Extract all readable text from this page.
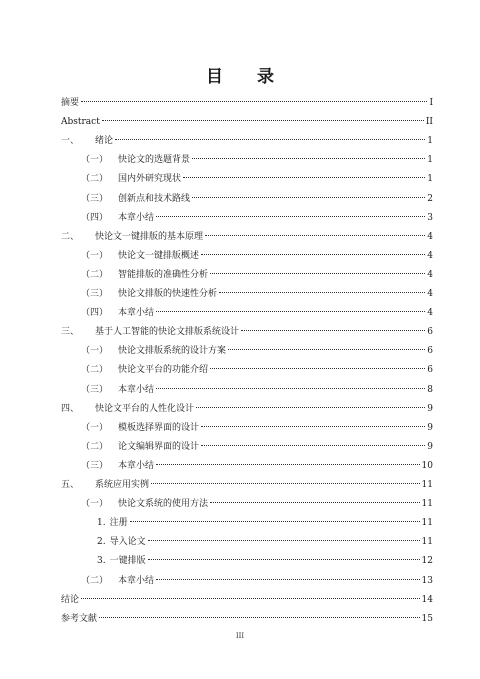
目 录
摘要	I
Abstract	II
一、 绪论	1
（一） 快论文的选题背景	1
（二） 国内外研究现状	1
（三） 创新点和技术路线	2
（四） 本章小结	3
二、 快论文一键排版的基本原理	4
（一） 快论文一键排版概述	4
（二） 智能排版的准确性分析	4
（三） 快论文排版的快速性分析	4
（四） 本章小结	4
三、 基于人工智能的快论文排版系统设计	6
（一） 快论文排版系统的设计方案	6
（二） 快论文平台的功能介绍	6
（三） 本章小结	8
四、 快论文平台的人性化设计	9
（一） 模板选择界面的设计	9
（二） 论文编辑界面的设计	9
（三） 本章小结	10
五、 系统应用实例	11
（一） 快论文系统的使用方法	11
1. 注册	11
2. 导入论文	11
3. 一键排版	12
（二） 本章小结	13
结论	14
参考文献	15
III
